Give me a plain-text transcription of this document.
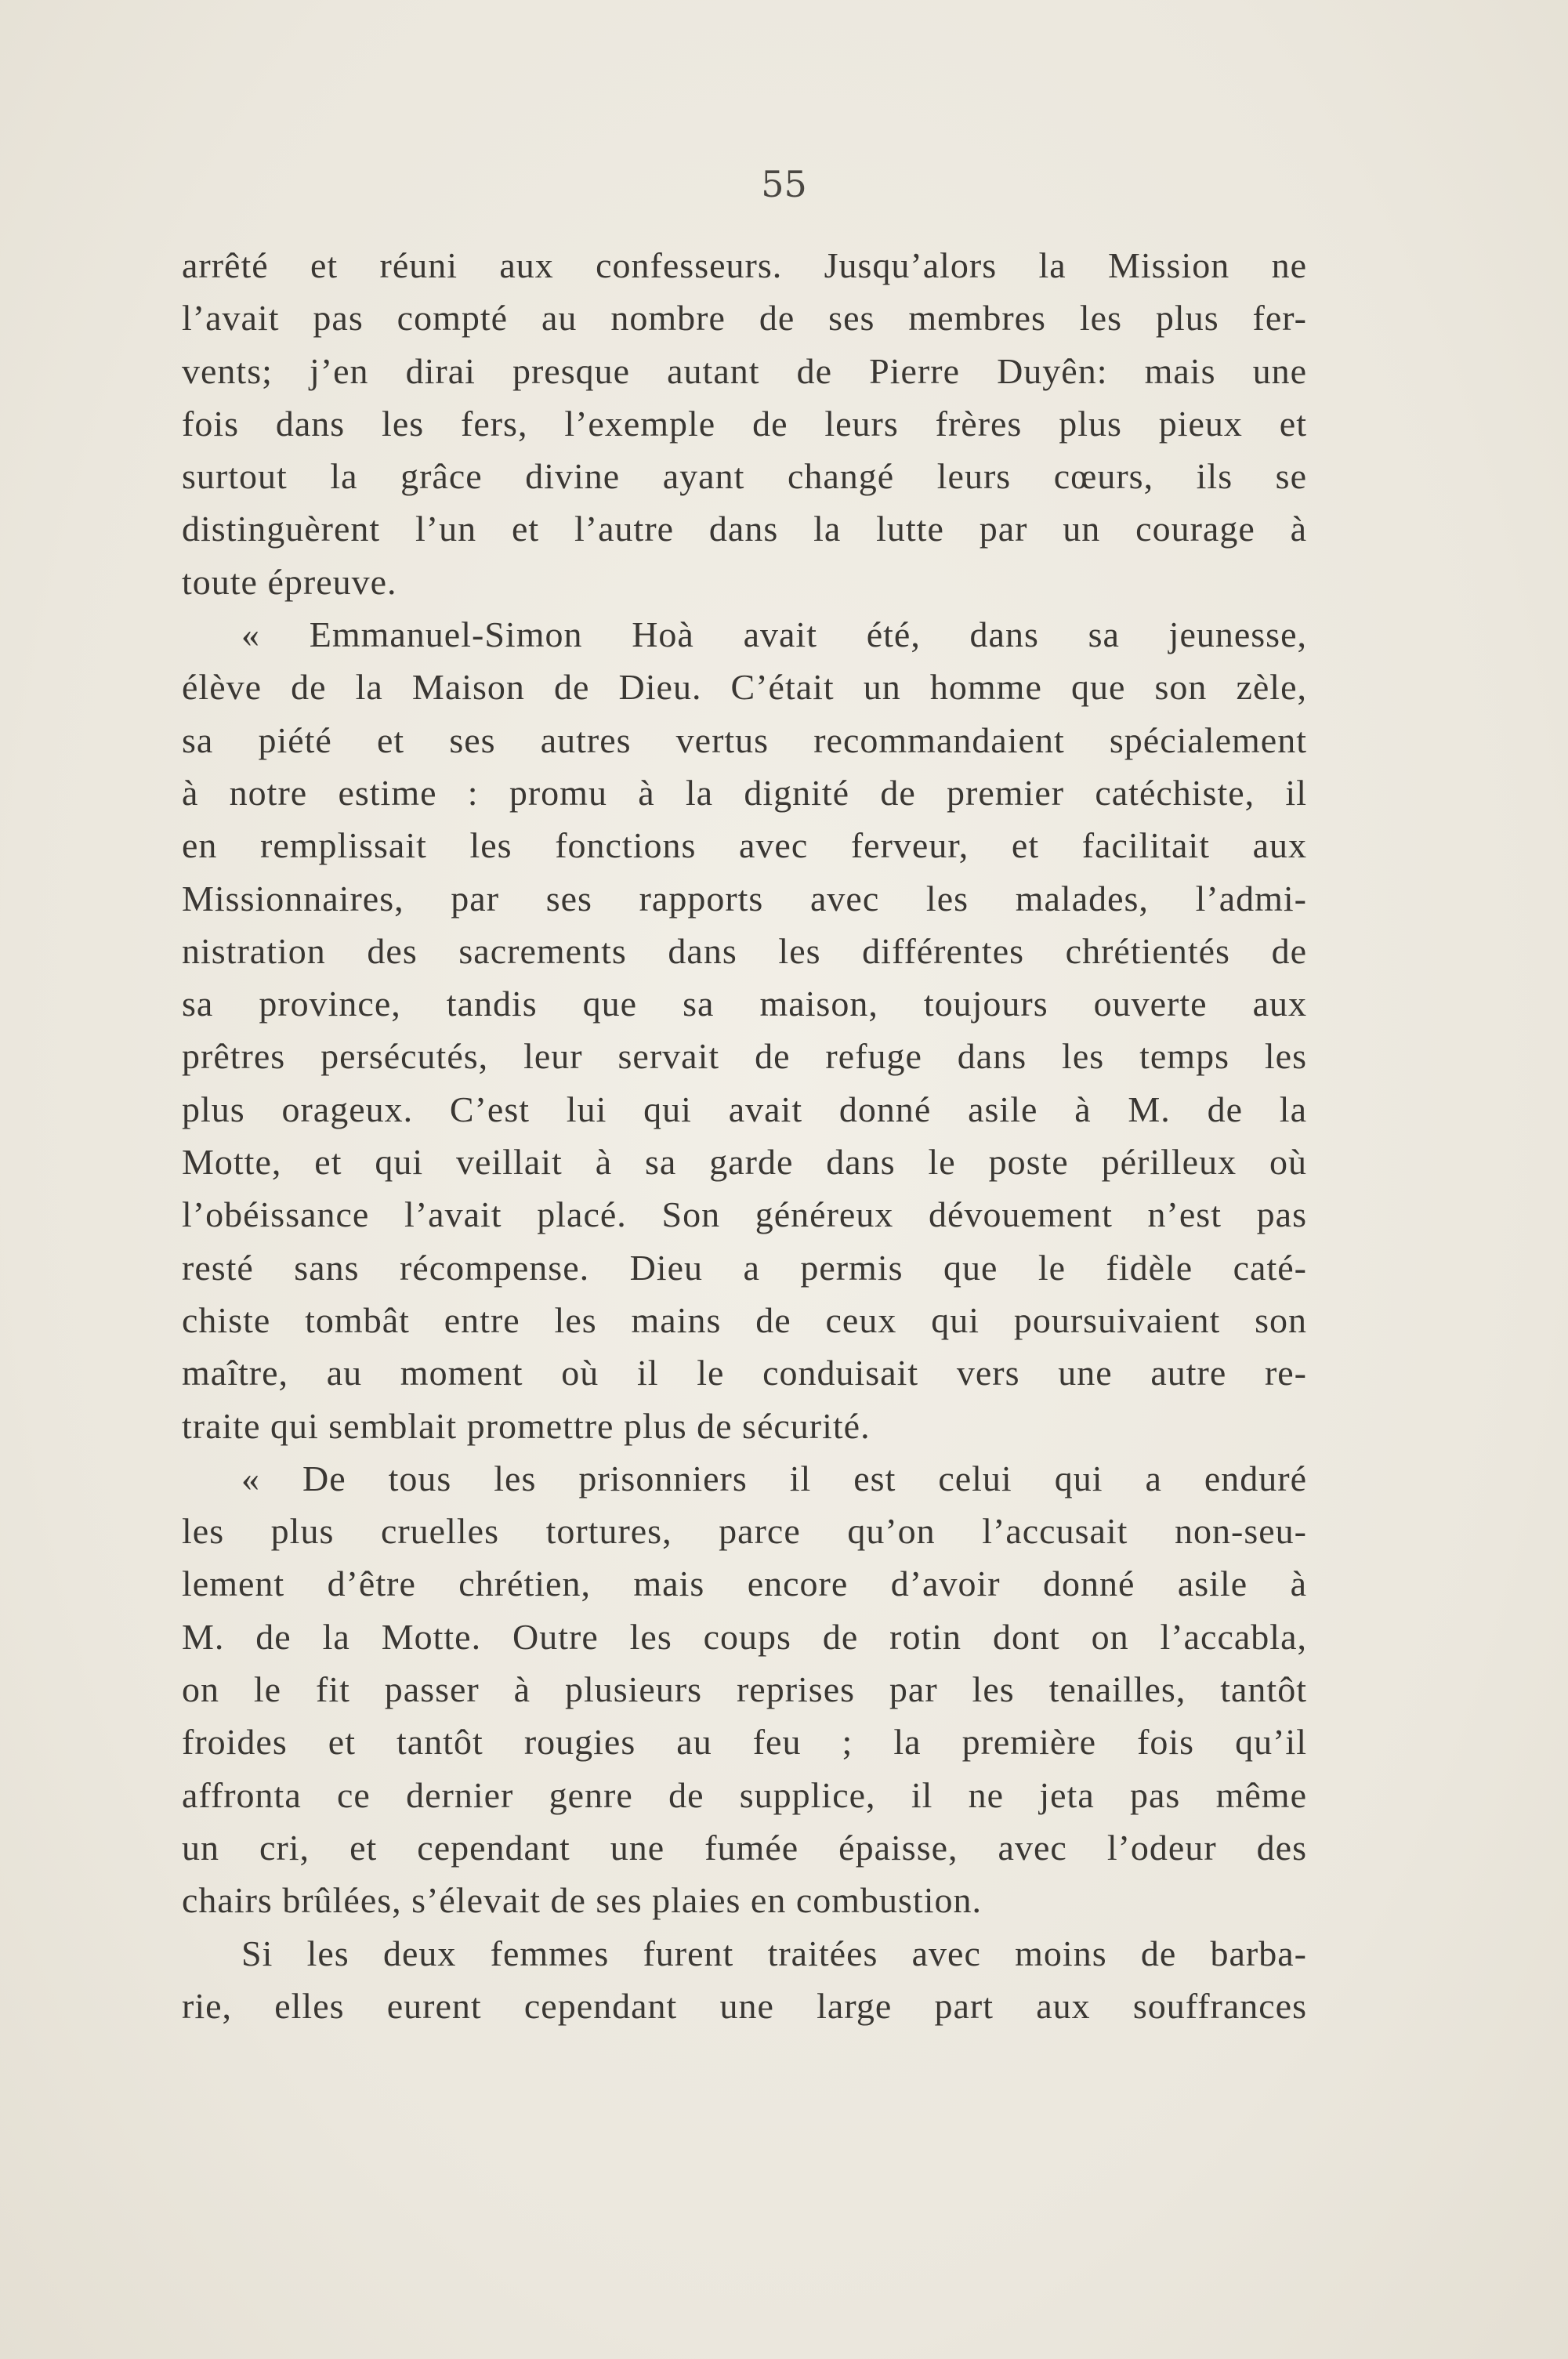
55
arrêté et réuni aux confesseurs. Jusqu’alors la Mission ne
l’avait pas compté au nombre de ses membres les plus fer-
vents; j’en dirai presque autant de Pierre Duyên: mais une
fois dans les fers, l’exemple de leurs frères plus pieux et
surtout la grâce divine ayant changé leurs cœurs, ils se
distinguèrent l’un et l’autre dans la lutte par un courage à
toute épreuve.
« Emmanuel-Simon Hoà avait été, dans sa jeunesse,
élève de la Maison de Dieu. C’était un homme que son zèle,
sa piété et ses autres vertus recommandaient spécialement
à notre estime : promu à la dignité de premier catéchiste, il
en remplissait les fonctions avec ferveur, et facilitait aux
Missionnaires, par ses rapports avec les malades, l’admi-
nistration des sacrements dans les différentes chrétientés de
sa province, tandis que sa maison, toujours ouverte aux
prêtres persécutés, leur servait de refuge dans les temps les
plus orageux. C’est lui qui avait donné asile à M. de la
Motte, et qui veillait à sa garde dans le poste périlleux où
l’obéissance l’avait placé. Son généreux dévouement n’est pas
resté sans récompense. Dieu a permis que le fidèle caté-
chiste tombât entre les mains de ceux qui poursuivaient son
maître, au moment où il le conduisait vers une autre re-
traite qui semblait promettre plus de sécurité.
« De tous les prisonniers il est celui qui a enduré
les plus cruelles tortures, parce qu’on l’accusait non-seu-
lement d’être chrétien, mais encore d’avoir donné asile à
M. de la Motte. Outre les coups de rotin dont on l’accabla,
on le fit passer à plusieurs reprises par les tenailles, tantôt
froides et tantôt rougies au feu ; la première fois qu’il
affronta ce dernier genre de supplice, il ne jeta pas même
un cri, et cependant une fumée épaisse, avec l’odeur des
chairs brûlées, s’élevait de ses plaies en combustion.
Si les deux femmes furent traitées avec moins de barba-
rie, elles eurent cependant une large part aux souffrances
